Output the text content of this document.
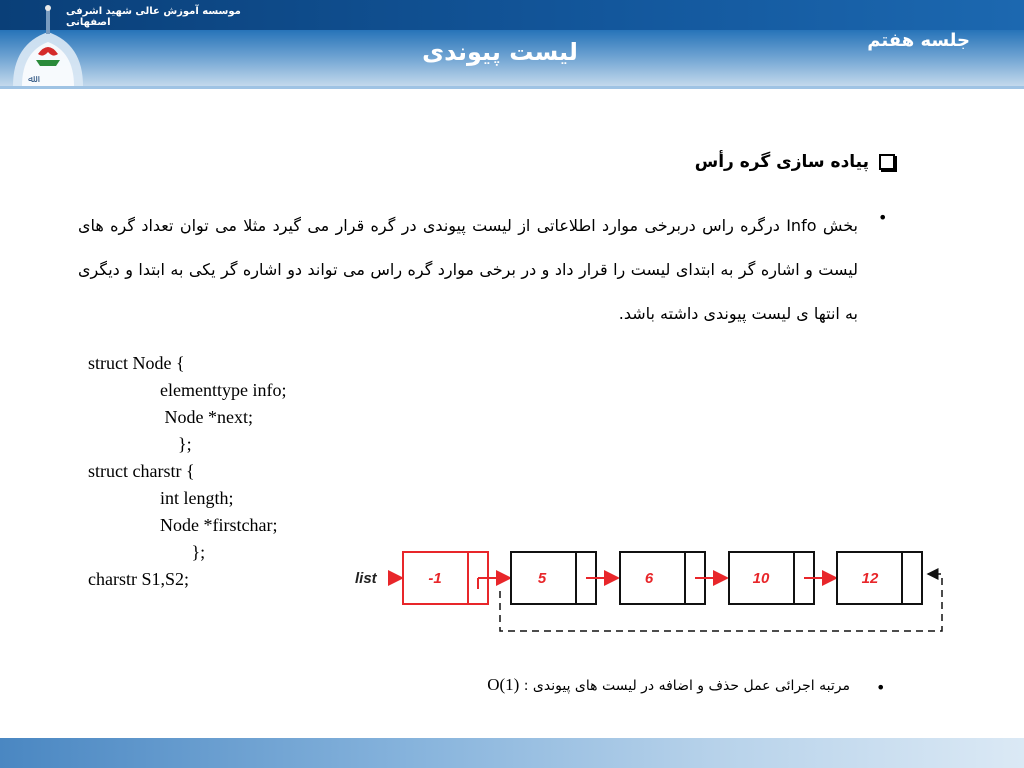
ﷲ
موسسه آموزش عالی شهید اشرفی اصفهانی
لیست پیوندی	جلسه هفتم
پیاده سازی گره رأس
•
بخش Info درگره راس دربرخی موارد اطلاعاتی از لیست پیوندی در گره قرار می گیرد مثلا می توان تعداد گره های لیست و اشاره گر به ابتدای لیست را قرار داد و در برخی موارد گره راس می تواند دو اشاره گر یکی به ابتدا و دیگری به انتها ی لیست پیوندی داشته باشد.
struct Node {
elementtype info;
Node *next;
};
struct charstr {
int length;
Node *firstchar;
};
charstr S1,S2;	list	-1	5	6	10	12
•
مرتبه اجرائی عمل حذف و اضافه در لیست های پیوندی : O(1)
